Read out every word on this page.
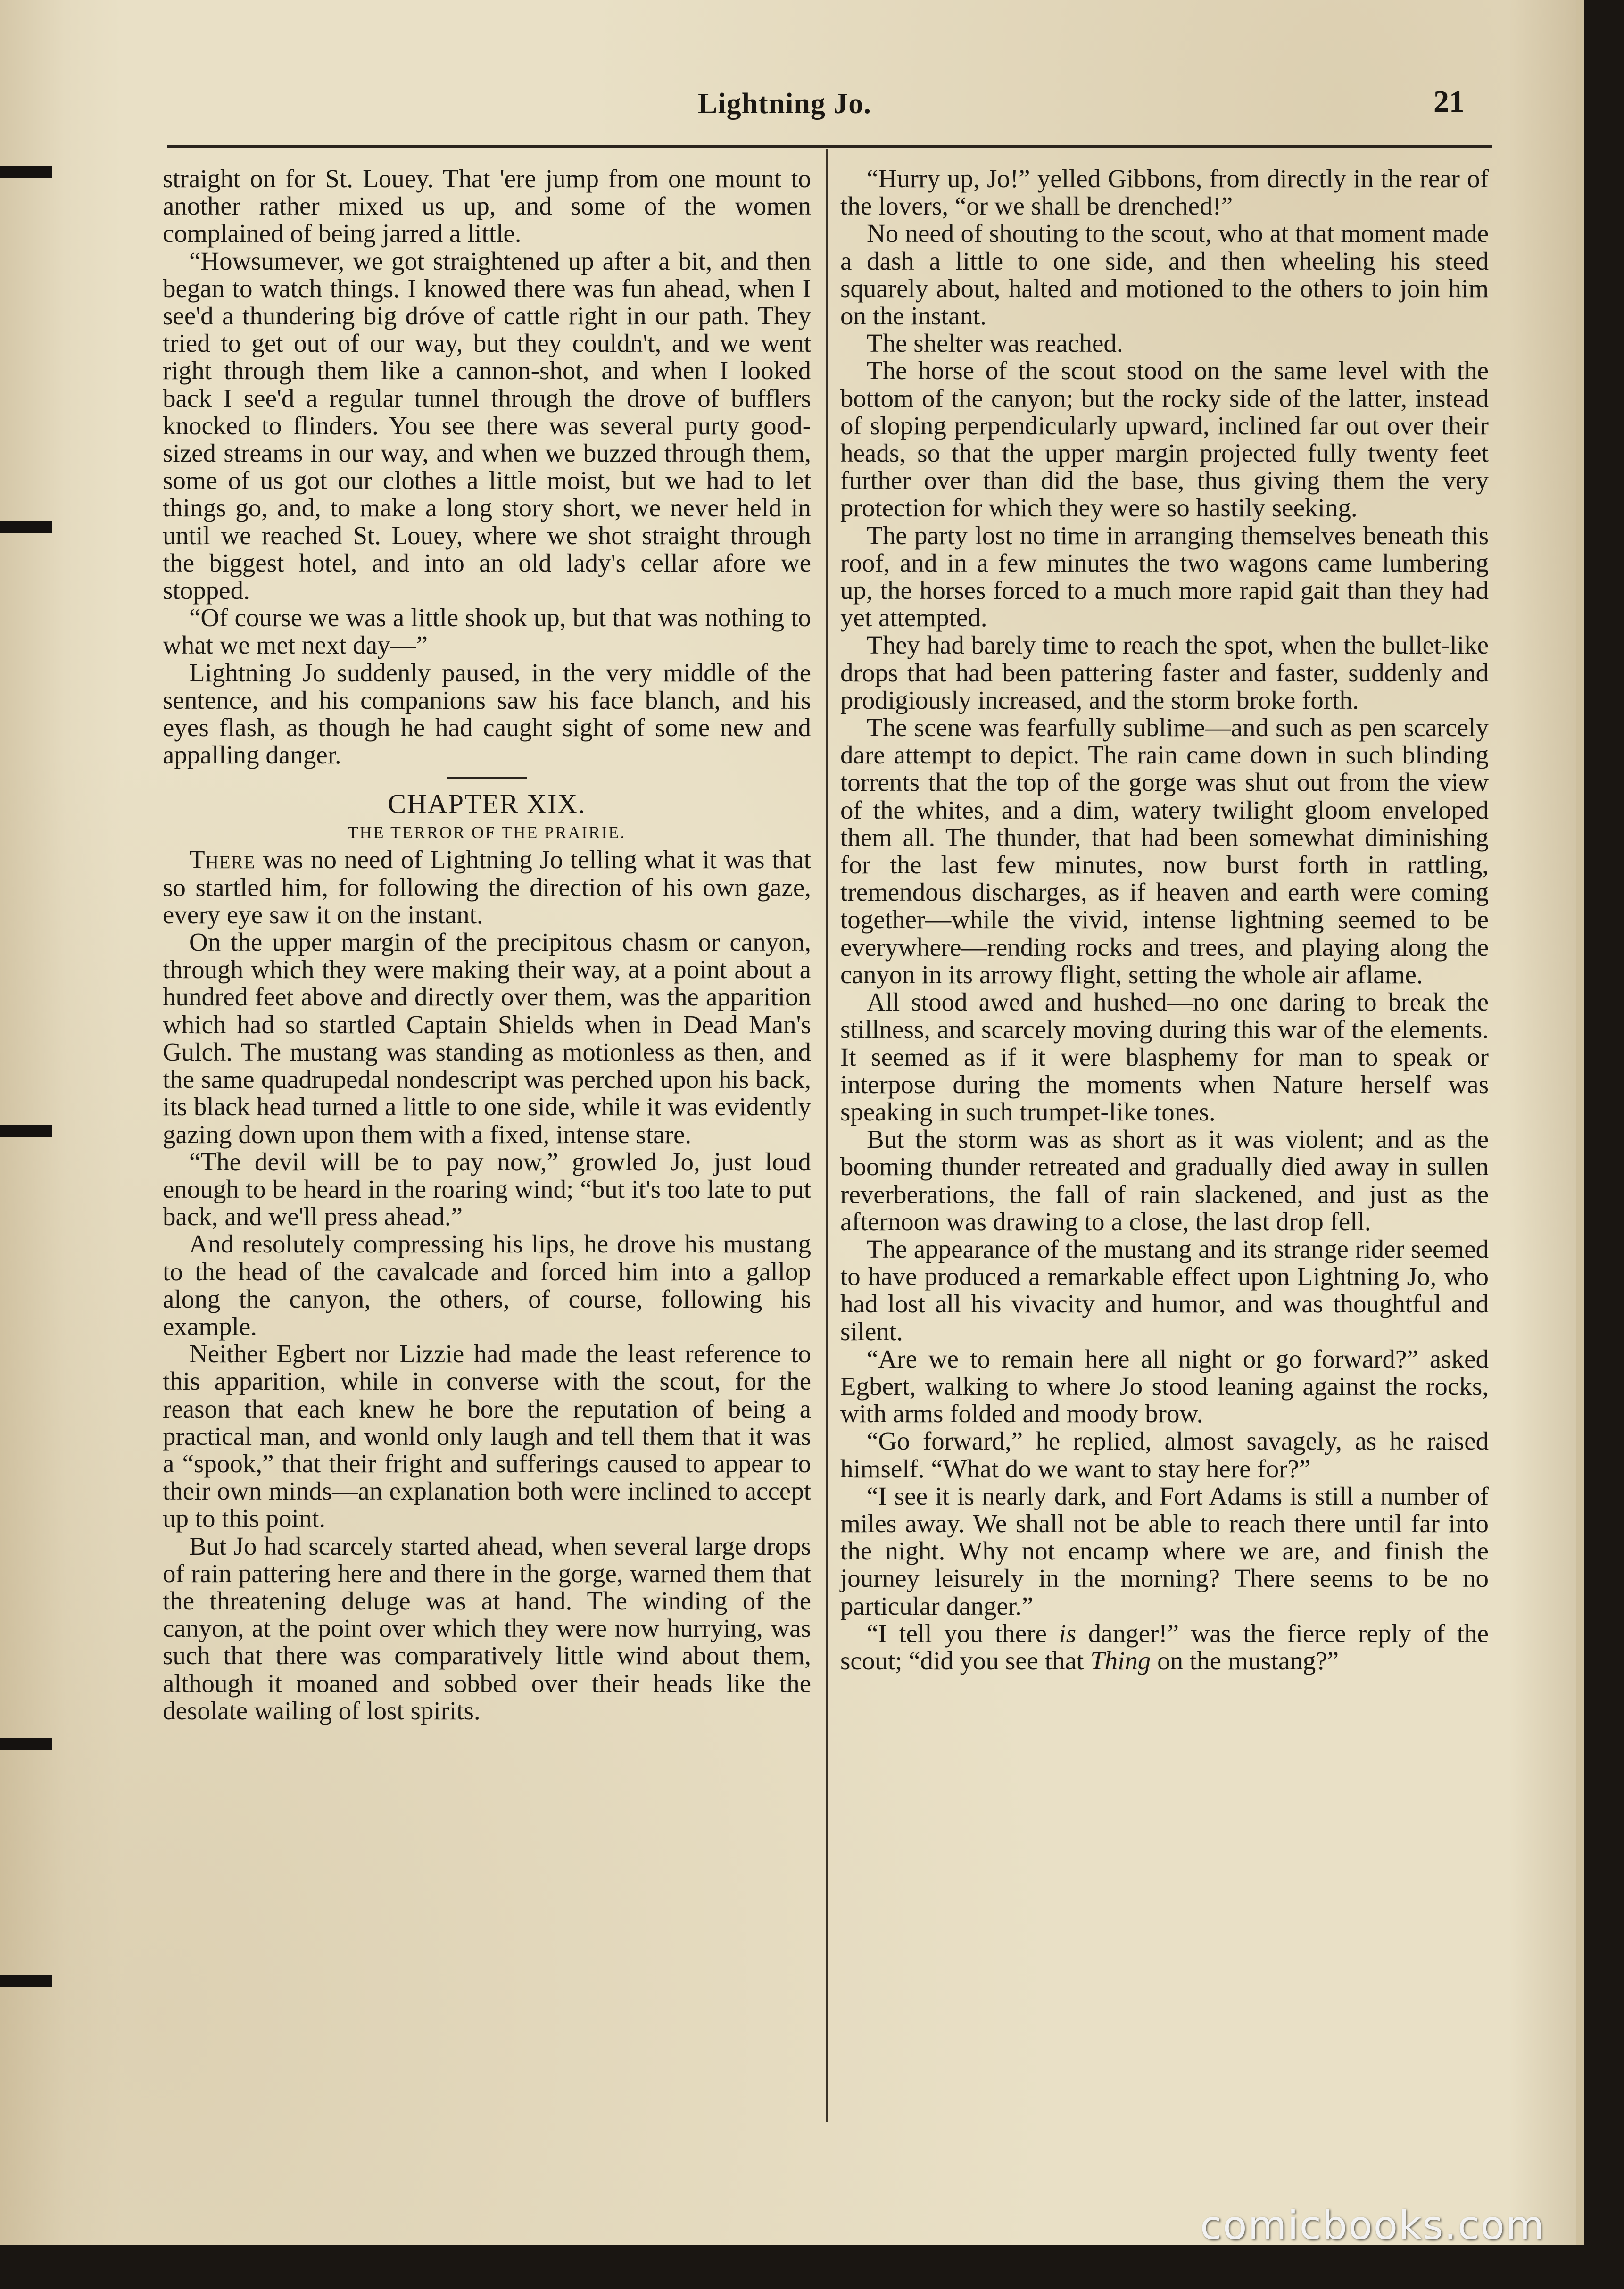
Lightning Jo.	21

straight on for St. Louey. That 'ere jump from one mount to another rather mixed us up, and some of the women complained of being jarred a little.

“Howsumever, we got straightened up after a bit, and then began to watch things. I knowed there was fun ahead, when I see'd a thundering big dróve of cattle right in our path. They tried to get out of our way, but they couldn't, and we went right through them like a cannon-shot, and when I looked back I see'd a regular tunnel through the drove of bufflers knocked to flinders. You see there was several purty good-sized streams in our way, and when we buzzed through them, some of us got our clothes a little moist, but we had to let things go, and, to make a long story short, we never held in until we reached St. Louey, where we shot straight through the biggest hotel, and into an old lady's cellar afore we stopped.

“Of course we was a little shook up, but that was nothing to what we met next day—”

Lightning Jo suddenly paused, in the very middle of the sentence, and his companions saw his face blanch, and his eyes flash, as though he had caught sight of some new and appalling danger.

CHAPTER XIX.
THE TERROR OF THE PRAIRIE.

There was no need of Lightning Jo telling what it was that so startled him, for following the direction of his own gaze, every eye saw it on the instant.

On the upper margin of the precipitous chasm or canyon, through which they were making their way, at a point about a hundred feet above and directly over them, was the apparition which had so startled Captain Shields when in Dead Man's Gulch. The mustang was standing as motionless as then, and the same quadrupedal nondescript was perched upon his back, its black head turned a little to one side, while it was evidently gazing down upon them with a fixed, intense stare.

“The devil will be to pay now,” growled Jo, just loud enough to be heard in the roaring wind; “but it's too late to put back, and we'll press ahead.”

And resolutely compressing his lips, he drove his mustang to the head of the cavalcade and forced him into a gallop along the canyon, the others, of course, following his example.

Neither Egbert nor Lizzie had made the least reference to this apparition, while in converse with the scout, for the reason that each knew he bore the reputation of being a practical man, and wonld only laugh and tell them that it was a “spook,” that their fright and sufferings caused to appear to their own minds—an explanation both were inclined to accept up to this point.

But Jo had scarcely started ahead, when several large drops of rain pattering here and there in the gorge, warned them that the threatening deluge was at hand. The winding of the canyon, at the point over which they were now hurrying, was such that there was comparatively little wind about them, although it moaned and sobbed over their heads like the desolate wailing of lost spirits.

“Hurry up, Jo!” yelled Gibbons, from directly in the rear of the lovers, “or we shall be drenched!”

No need of shouting to the scout, who at that moment made a dash a little to one side, and then wheeling his steed squarely about, halted and motioned to the others to join him on the instant.

The shelter was reached.

The horse of the scout stood on the same level with the bottom of the canyon; but the rocky side of the latter, instead of sloping perpendicularly upward, inclined far out over their heads, so that the upper margin projected fully twenty feet further over than did the base, thus giving them the very protection for which they were so hastily seeking.

The party lost no time in arranging themselves beneath this roof, and in a few minutes the two wagons came lumbering up, the horses forced to a much more rapid gait than they had yet attempted.

They had barely time to reach the spot, when the bullet-like drops that had been pattering faster and faster, suddenly and prodigiously increased, and the storm broke forth.

The scene was fearfully sublime—and such as pen scarcely dare attempt to depict. The rain came down in such blinding torrents that the top of the gorge was shut out from the view of the whites, and a dim, watery twilight gloom enveloped them all. The thunder, that had been somewhat diminishing for the last few minutes, now burst forth in rattling, tremendous discharges, as if heaven and earth were coming together—while the vivid, intense lightning seemed to be everywhere—rending rocks and trees, and playing along the canyon in its arrowy flight, setting the whole air aflame.

All stood awed and hushed—no one daring to break the stillness, and scarcely moving during this war of the elements. It seemed as if it were blasphemy for man to speak or interpose during the moments when Nature herself was speaking in such trumpet-like tones.

But the storm was as short as it was violent; and as the booming thunder retreated and gradually died away in sullen reverberations, the fall of rain slackened, and just as the afternoon was drawing to a close, the last drop fell.

The appearance of the mustang and its strange rider seemed to have produced a remarkable effect upon Lightning Jo, who had lost all his vivacity and humor, and was thoughtful and silent.

“Are we to remain here all night or go forward?” asked Egbert, walking to where Jo stood leaning against the rocks, with arms folded and moody brow.

“Go forward,” he replied, almost savagely, as he raised himself. “What do we want to stay here for?”

“I see it is nearly dark, and Fort Adams is still a number of miles away. We shall not be able to reach there until far into the night. Why not encamp where we are, and finish the journey leisurely in the morning? There seems to be no particular danger.”

“I tell you there is danger!” was the fierce reply of the scout; “did you see that Thing on the mustang?”

comicbooks.com
